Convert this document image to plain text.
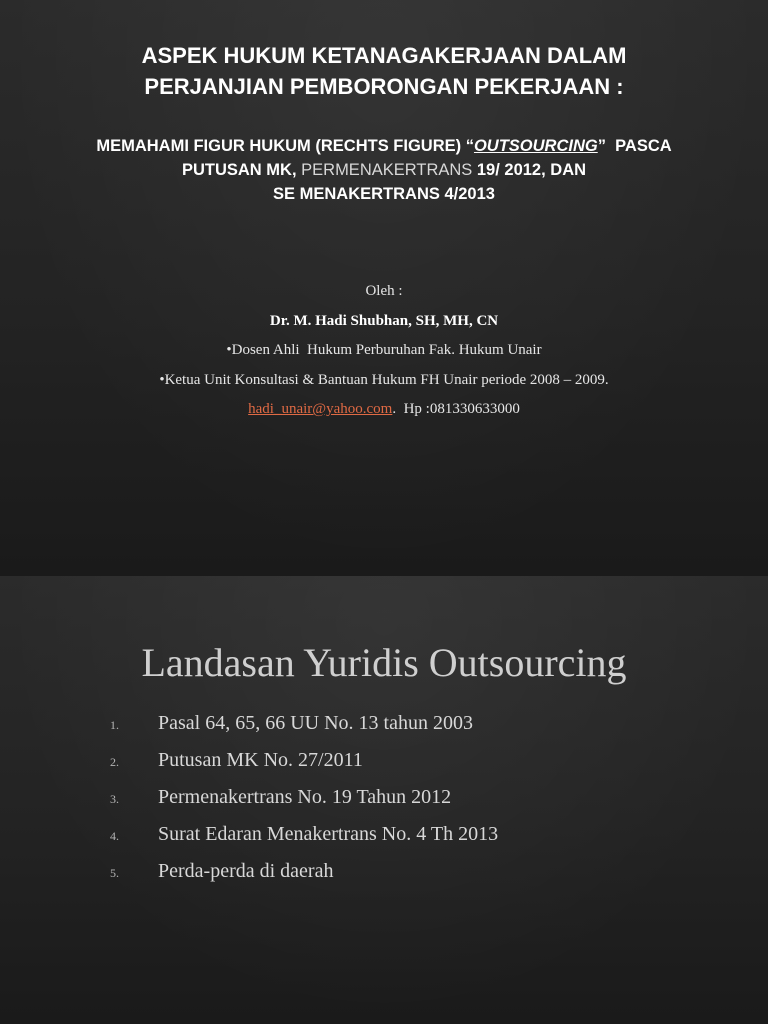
ASPEK HUKUM KETANAGAKERJAAN DALAM
PERJANJIAN PEMBORONGAN PEKERJAAN :
MEMAHAMI FIGUR HUKUM (RECHTS FIGURE) “OUTSOURCING”  PASCA
PUTUSAN MK, PERMENAKERTRANS 19/ 2012, DAN
SE MENAKERTRANS 4/2013
Oleh :
Dr. M. Hadi Shubhan, SH, MH, CN
•Dosen Ahli  Hukum Perburuhan Fak. Hukum Unair
•Ketua Unit Konsultasi & Bantuan Hukum FH Unair periode 2008 – 2009.
hadi_unair@yahoo.com.  Hp :081330633000
Landasan Yuridis Outsourcing
1.	Pasal 64, 65, 66 UU No. 13 tahun 2003
2.	Putusan MK No. 27/2011
3.	Permenakertrans No. 19 Tahun 2012
4.	Surat Edaran Menakertrans No. 4 Th 2013
5.	Perda-perda di daerah
